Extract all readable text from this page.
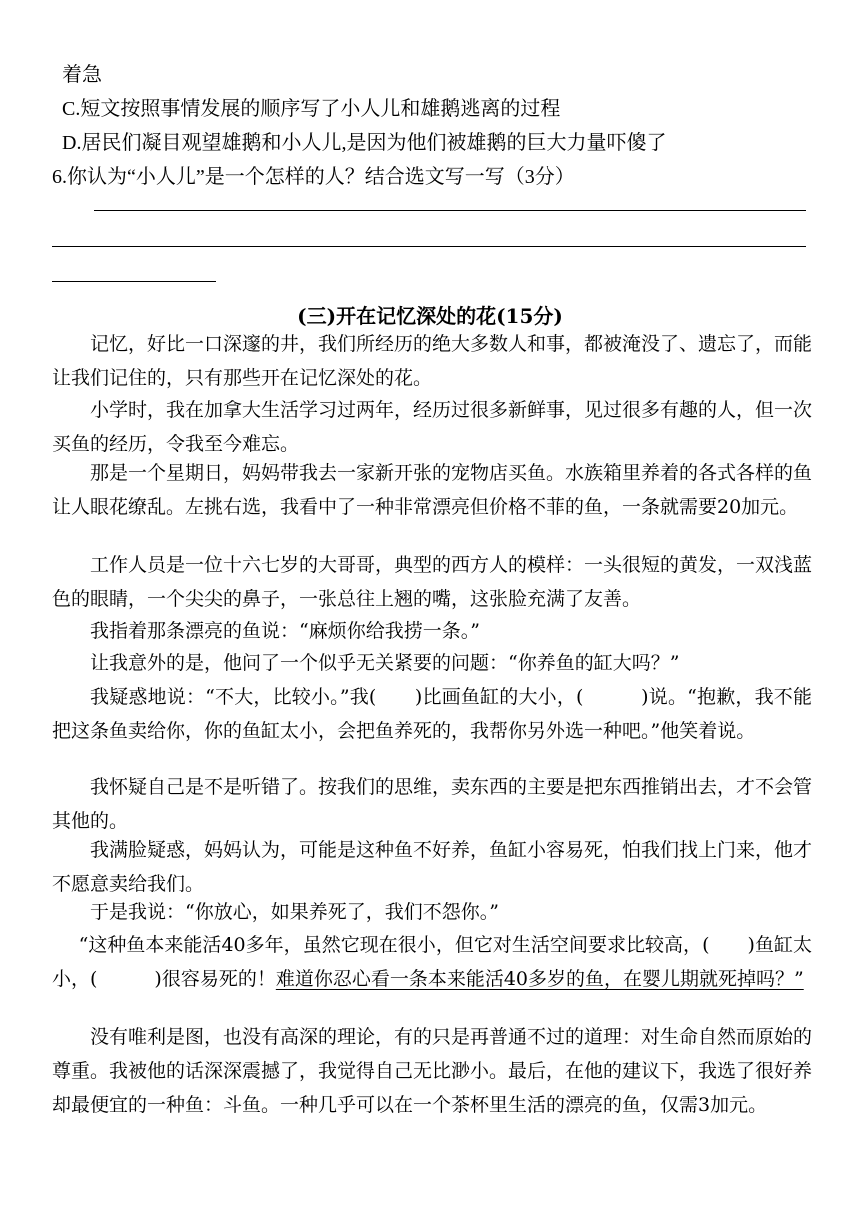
着急
C.短文按照事情发展的顺序写了小人儿和雄鹅逃离的过程
D.居民们凝目观望雄鹅和小人儿,是因为他们被雄鹅的巨大力量吓傻了
6.你认为“小人儿”是一个怎样的人？结合选文写一写（3分）
(三)开在记忆深处的花(15分)
记忆，好比一口深邃的井，我们所经历的绝大多数人和事，都被淹没了、遗忘了，而能让我们记住的，只有那些开在记忆深处的花。
小学时，我在加拿大生活学习过两年，经历过很多新鲜事，见过很多有趣的人，但一次买鱼的经历，令我至今难忘。
那是一个星期日，妈妈带我去一家新开张的宠物店买鱼。水族箱里养着的各式各样的鱼让人眼花缭乱。左挑右选，我看中了一种非常漂亮但价格不菲的鱼，一条就需要20加元。
工作人员是一位十六七岁的大哥哥，典型的西方人的模样：一头很短的黄发，一双浅蓝色的眼睛，一个尖尖的鼻子，一张总往上翘的嘴，这张脸充满了友善。
我指着那条漂亮的鱼说：“麻烦你给我捞一条。”
让我意外的是，他问了一个似乎无关紧要的问题：“你养鱼的缸大吗？”
我疑惑地说：“不大，比较小。”我(　　)比画鱼缸的大小，(　　　)说。“抱歉，我不能把这条鱼卖给你，你的鱼缸太小，会把鱼养死的，我帮你另外选一种吧。”他笑着说。
我怀疑自己是不是听错了。按我们的思维，卖东西的主要是把东西推销出去，才不会管其他的。
我满脸疑惑，妈妈认为，可能是这种鱼不好养，鱼缸小容易死，怕我们找上门来，他才不愿意卖给我们。
于是我说：“你放心，如果养死了，我们不怨你。”
“这种鱼本来能活40多年，虽然它现在很小，但它对生活空间要求比较高，(　　)鱼缸太小，(　　　)很容易死的！难道你忍心看一条本来能活40多岁的鱼，在婴儿期就死掉吗？”
没有唯利是图，也没有高深的理论，有的只是再普通不过的道理：对生命自然而原始的尊重。我被他的话深深震撼了，我觉得自己无比渺小。最后，在他的建议下，我选了很好养却最便宜的一种鱼：斗鱼。一种几乎可以在一个茶杯里生活的漂亮的鱼，仅需3加元。
